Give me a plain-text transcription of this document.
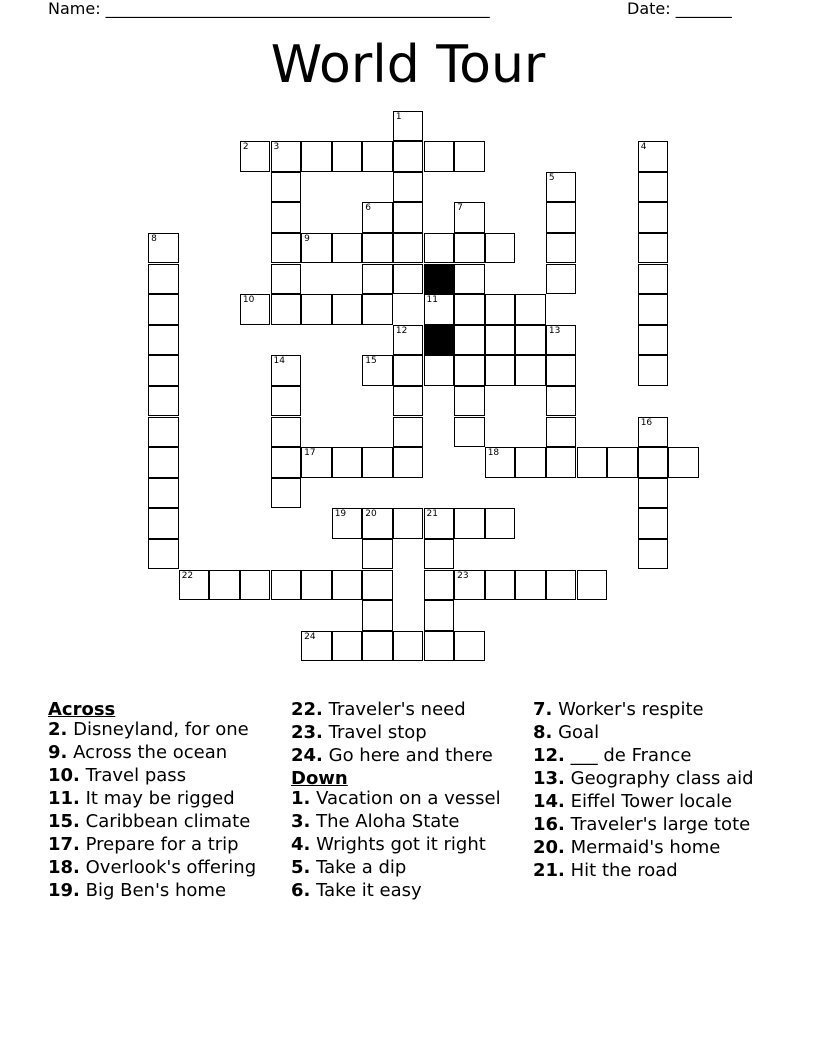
Name: ________________________________________________	Date: _______
World Tour
1
2	3	4
5
6	7
8	9
10	11
12	13
14	15
16
17	18
19 20	21
22	23
24
Across
2. Disneyland, for one
9. Across the ocean
10. Travel pass
11. It may be rigged
15. Caribbean climate
17. Prepare for a trip
18. Overlook's offering
19. Big Ben's home
22. Traveler's need
23. Travel stop
24. Go here and there
Down
1. Vacation on a vessel
3. The Aloha State
4. Wrights got it right
5. Take a dip
6. Take it easy
7. Worker's respite
8. Goal
12. ___ de France
13. Geography class aid
14. Eiffel Tower locale
16. Traveler's large tote
20. Mermaid's home
21. Hit the road
